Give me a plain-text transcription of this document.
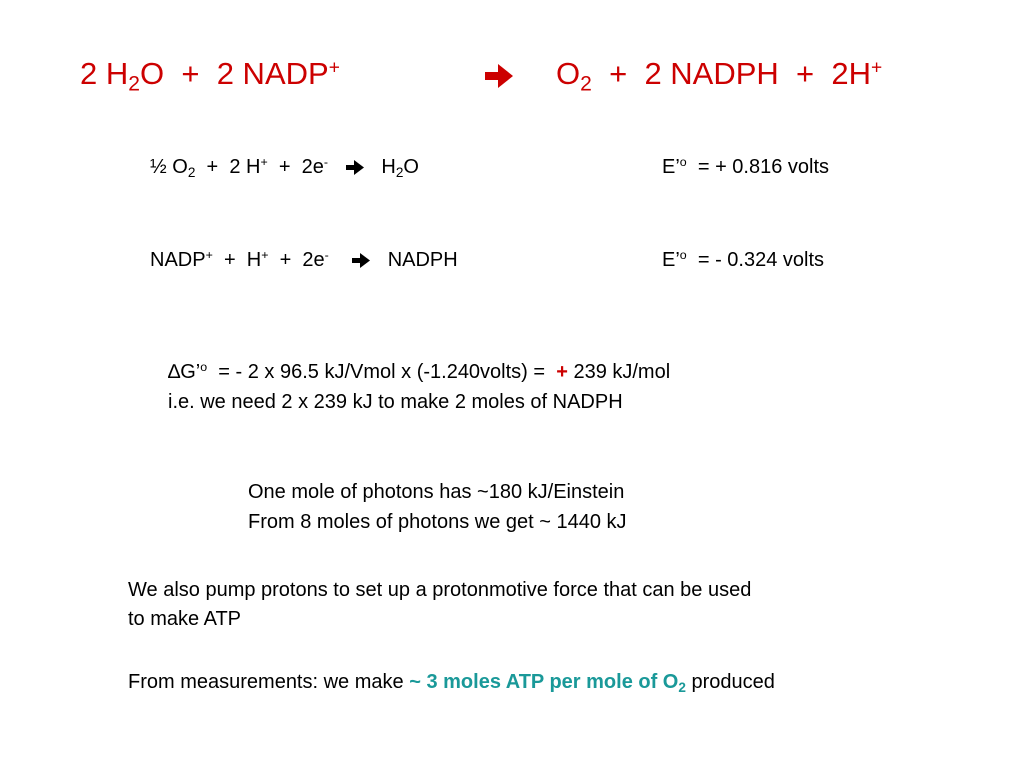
2 $H_2O + 2$ NADP+	$O_2 + 2$ NADPH + 2H+
½ $O_2 + 2$ H+ + 2e-	$H_2O$	E’$^o$ = + 0.816 volts
NADP+ + H+ + 2e-	NADPH	E’$^o$ = - 0.324 volts
∆G’$^o$ = - 2 x 96.5 kJ/Vmol x (-1.240volts) = + 239 kJ/mol
i.e. we need 2 x 239 kJ to make 2 moles of NADPH
One mole of photons has ~180 kJ/Einstein
From 8 moles of photons we get ~ 1440 kJ
We also pump protons to set up a protonmotive force that can be used
to make ATP
From measurements: we make ~ 3 moles ATP per mole of $O_2$ produced
